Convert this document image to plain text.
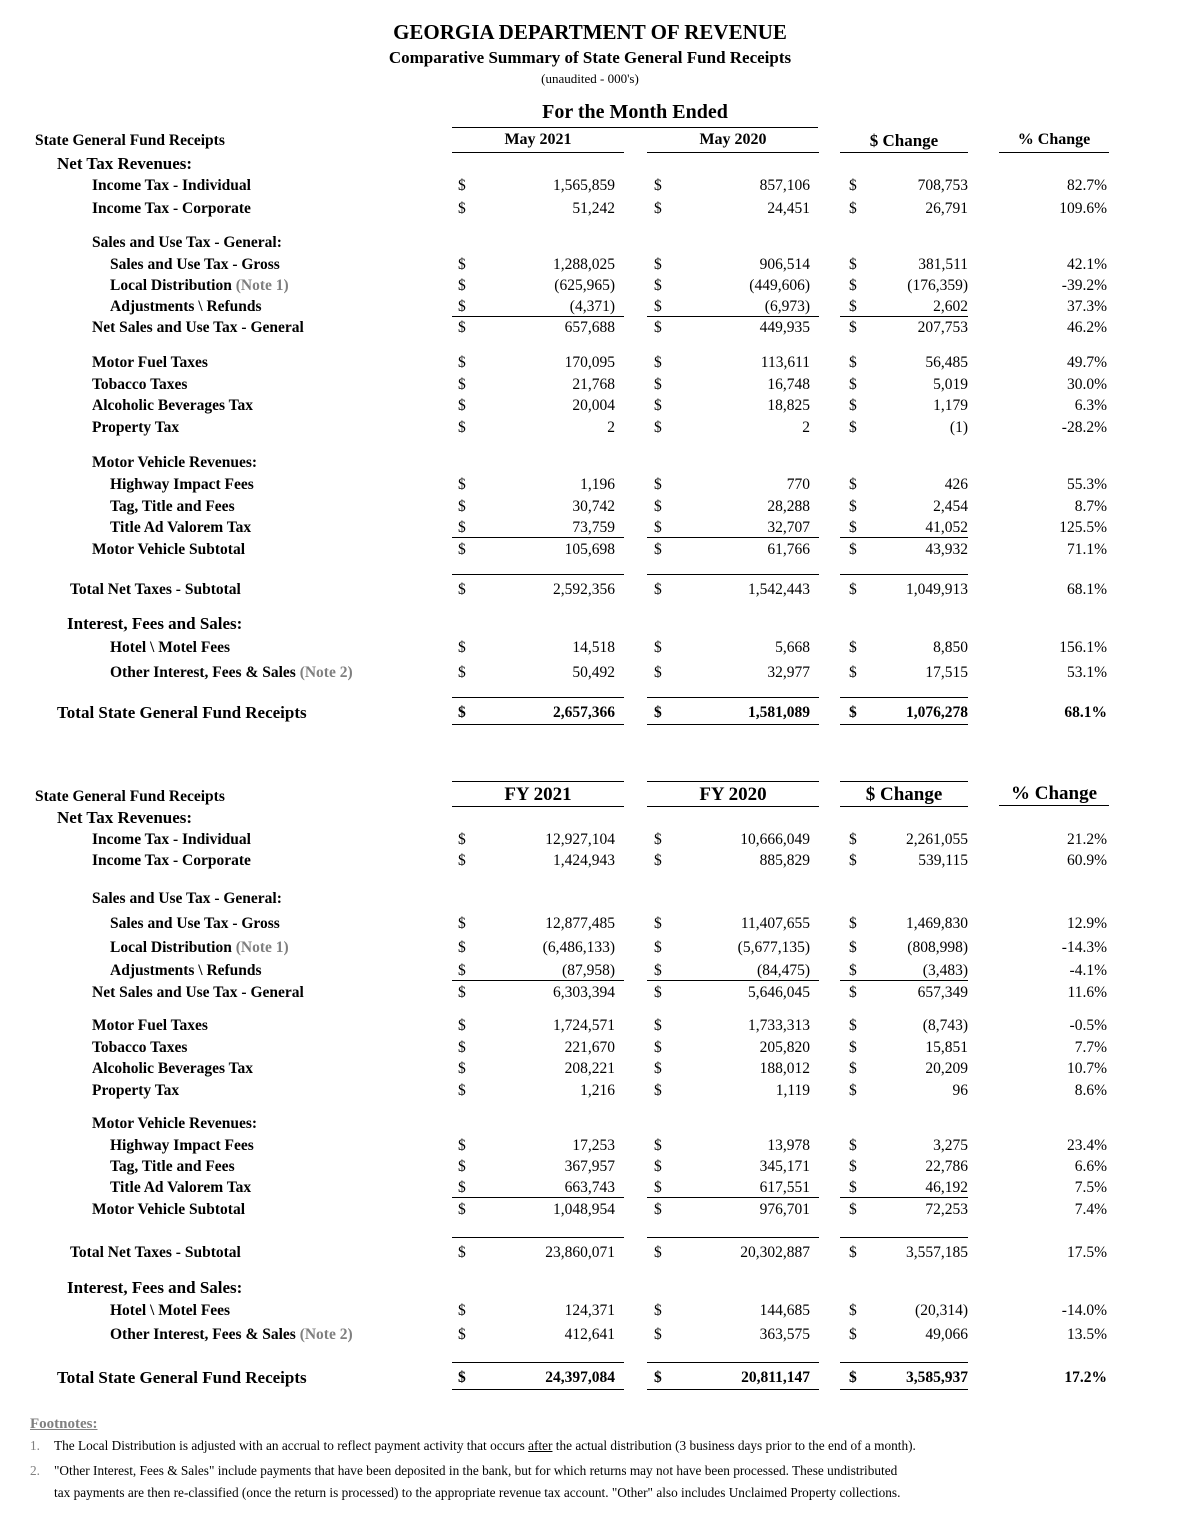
GEORGIA DEPARTMENT OF REVENUE
Comparative Summary of State General Fund Receipts
(unaudited - 000's)
For the Month Ended
State General Fund Receipts	May 2021	May 2020	$ Change	% Change
Net Tax Revenues:
Income Tax - Individual	$	1,565,859	$	857,106	$	708,753	82.7%
Income Tax - Corporate	$	51,242	$	24,451	$	26,791	109.6%
Sales and Use Tax - General:
Sales and Use Tax - Gross	$	1,288,025	$	906,514	$	381,511	42.1%
Local Distribution (Note 1)	$	(625,965)	$	(449,606)	$	(176,359)	-39.2%
Adjustments \ Refunds	$	(4,371)	$	(6,973)	$	2,602	37.3%
Net Sales and Use Tax - General	$	657,688	$	449,935	$	207,753	46.2%
Motor Fuel Taxes	$	170,095	$	113,611	$	56,485	49.7%
Tobacco Taxes	$	21,768	$	16,748	$	5,019	30.0%
Alcoholic Beverages Tax	$	20,004	$	18,825	$	1,179	6.3%
Property Tax	$	2	$	2	$	(1)	-28.2%
Motor Vehicle Revenues:
Highway Impact Fees	$	1,196	$	770	$	426	55.3%
Tag, Title and Fees	$	30,742	$	28,288	$	2,454	8.7%
Title Ad Valorem Tax	$	73,759	$	32,707	$	41,052	125.5%
Motor Vehicle Subtotal	$	105,698	$	61,766	$	43,932	71.1%
Total Net Taxes - Subtotal	$	2,592,356	$	1,542,443	$	1,049,913	68.1%
Interest, Fees and Sales:
Hotel \ Motel Fees	$	14,518	$	5,668	$	8,850	156.1%
Other Interest, Fees & Sales (Note 2)	$	50,492	$	32,977	$	17,515	53.1%
Total State General Fund Receipts	$	2,657,366	$	1,581,089	$	1,076,278	68.1%
State General Fund Receipts	FY 2021	FY 2020	$ Change	% Change
Net Tax Revenues:
Income Tax - Individual	$	12,927,104	$	10,666,049	$	2,261,055	21.2%
Income Tax - Corporate	$	1,424,943	$	885,829	$	539,115	60.9%
Sales and Use Tax - General:
Sales and Use Tax - Gross	$	12,877,485	$	11,407,655	$	1,469,830	12.9%
Local Distribution (Note 1)	$	(6,486,133)	$	(5,677,135)	$	(808,998)	-14.3%
Adjustments \ Refunds	$	(87,958)	$	(84,475)	$	(3,483)	-4.1%
Net Sales and Use Tax - General	$	6,303,394	$	5,646,045	$	657,349	11.6%
Motor Fuel Taxes	$	1,724,571	$	1,733,313	$	(8,743)	-0.5%
Tobacco Taxes	$	221,670	$	205,820	$	15,851	7.7%
Alcoholic Beverages Tax	$	208,221	$	188,012	$	20,209	10.7%
Property Tax	$	1,216	$	1,119	$	96	8.6%
Motor Vehicle Revenues:
Highway Impact Fees	$	17,253	$	13,978	$	3,275	23.4%
Tag, Title and Fees	$	367,957	$	345,171	$	22,786	6.6%
Title Ad Valorem Tax	$	663,743	$	617,551	$	46,192	7.5%
Motor Vehicle Subtotal	$	1,048,954	$	976,701	$	72,253	7.4%
Total Net Taxes - Subtotal	$	23,860,071	$	20,302,887	$	3,557,185	17.5%
Interest, Fees and Sales:
Hotel \ Motel Fees	$	124,371	$	144,685	$	(20,314)	-14.0%
Other Interest, Fees & Sales (Note 2)	$	412,641	$	363,575	$	49,066	13.5%
Total State General Fund Receipts	$	24,397,084	$	20,811,147	$	3,585,937	17.2%
Footnotes:
1. The Local Distribution is adjusted with an accrual to reflect payment activity that occurs after the actual distribution (3 business days prior to the end of a month).
2. "Other Interest, Fees & Sales" include payments that have been deposited in the bank, but for which returns may not have been processed. These undistributed
tax payments are then re-classified (once the return is processed) to the appropriate revenue tax account. "Other" also includes Unclaimed Property collections.
